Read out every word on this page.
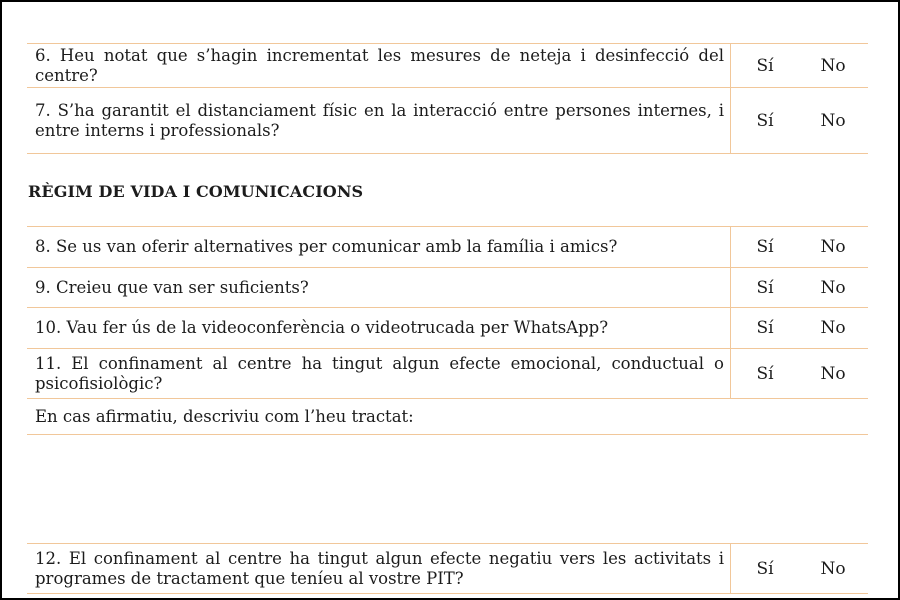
6. Heu notat que s’hagin incrementat les mesures de neteja i desinfecció del centre?	Sí	No
7. S’ha garantit el distanciament físic en la interacció entre persones internes, i entre interns i professionals?	Sí	No
RÈGIM DE VIDA I COMUNICACIONS
8. Se us van oferir alternatives per comunicar amb la família i amics?	Sí	No
9. Creieu que van ser suficients?	Sí	No
10. Vau fer ús de la videoconferència o videotrucada per WhatsApp?	Sí	No
11. El confinament al centre ha tingut algun efecte emocional, conductual o psicofisiològic?	Sí	No
En cas afirmatiu, descriviu com l’heu tractat:
12. El confinament al centre ha tingut algun efecte negatiu vers les activitats i programes de tractament que teníeu al vostre PIT?	Sí	No
